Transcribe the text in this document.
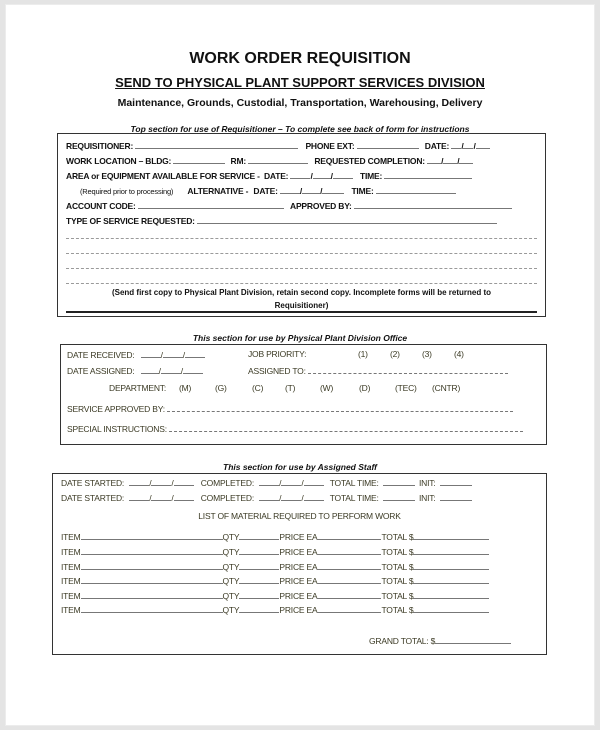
WORK ORDER REQUISITION
SEND TO PHYSICAL PLANT SUPPORT SERVICES DIVISION
Maintenance, Grounds, Custodial, Transportation, Warehousing, Delivery
Top section for use of Requisitioner – To complete see back of form for instructions
REQUISITIONER:	PHONE EXT:	DATE: / /
WORK LOCATION – BLDG:	RM:	REQUESTED COMPLETION: / /
AREA or EQUIPMENT AVAILABLE FOR SERVICE - DATE:	/ /	TIME:
(Required prior to processing) ALTERNATIVE - DATE:	/ /	TIME:
ACCOUNT CODE:	APPROVED BY:
TYPE OF SERVICE REQUESTED:
(Send first copy to Physical Plant Division, retain second copy. Incomplete forms will be returned to
Requisitioner)
This section for use by Physical Plant Division Office
DATE RECEIVED:	/ /	JOB PRIORITY:	(1)	(2)	(3)	(4)
DATE ASSIGNED:	/ /	ASSIGNED TO:
DEPARTMENT: (M)	(G)	(C)	(T)	(W)	(D)	(TEC) (CNTR)
SERVICE APPROVED BY:
SPECIAL INSTRUCTIONS:
This section for use by Assigned Staff
DATE STARTED:	/ /	COMPLETED:	/ /	TOTAL TIME:	INIT:
DATE STARTED:	/ /	COMPLETED:	/ /	TOTAL TIME:	INIT:
LIST OF MATERIAL REQUIRED TO PERFORM WORK
ITEM	QTY	PRICE EA	TOTAL $
ITEM	QTY	PRICE EA	TOTAL $
ITEM	QTY	PRICE EA	TOTAL $
ITEM	QTY	PRICE EA	TOTAL $
ITEM	QTY	PRICE EA	TOTAL $
ITEM	QTY	PRICE EA	TOTAL $
GRAND TOTAL: $
